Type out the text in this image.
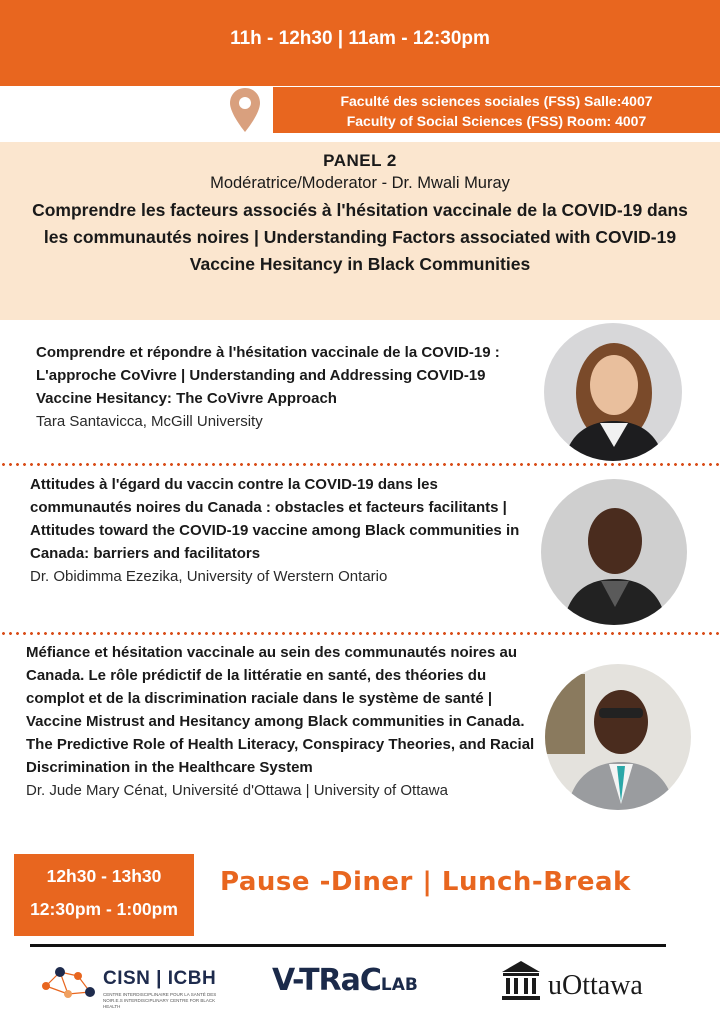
11h - 12h30 | 11am - 12:30pm
Faculté des sciences sociales (FSS) Salle:4007
Faculty of Social Sciences (FSS) Room: 4007
PANEL 2
Modératrice/Moderator - Dr. Mwali Muray
Comprendre les facteurs associés à l'hésitation vaccinale de la COVID-19 dans les communautés noires | Understanding Factors associated with COVID-19 Vaccine Hesitancy in Black Communities
Comprendre et répondre à l'hésitation vaccinale de la COVID-19 : L'approche CoVivre | Understanding and Addressing COVID-19 Vaccine Hesitancy: The CoVivre Approach
Tara Santavicca, McGill University
Attitudes à l'égard du vaccin contre la COVID-19 dans les communautés noires du Canada : obstacles et facteurs facilitants | Attitudes toward the COVID-19 vaccine among Black communities in Canada: barriers and facilitators
Dr. Obidimma Ezezika, University of Werstern Ontario
Méfiance et hésitation vaccinale au sein des communautés noires au Canada. Le rôle prédictif de la littératie en santé, des théories du complot et de la discrimination raciale dans le système de santé | Vaccine Mistrust and Hesitancy among Black communities in Canada. The Predictive Role of Health Literacy, Conspiracy Theories, and Racial Discrimination in the Healthcare System
Dr. Jude Mary Cénat, Université d'Ottawa | University of Ottawa
12h30 - 13h30
12:30pm - 1:00pm
Pause -Diner | Lunch-Break
CISN | ICBH
CENTRE INTERDISCIPLINAIRE POUR LA SANTÉ DES NOIR.E.S INTERDISCIPLINARY CENTRE FOR BLACK HEALTH
V-TRaCLAB	uOttawa
